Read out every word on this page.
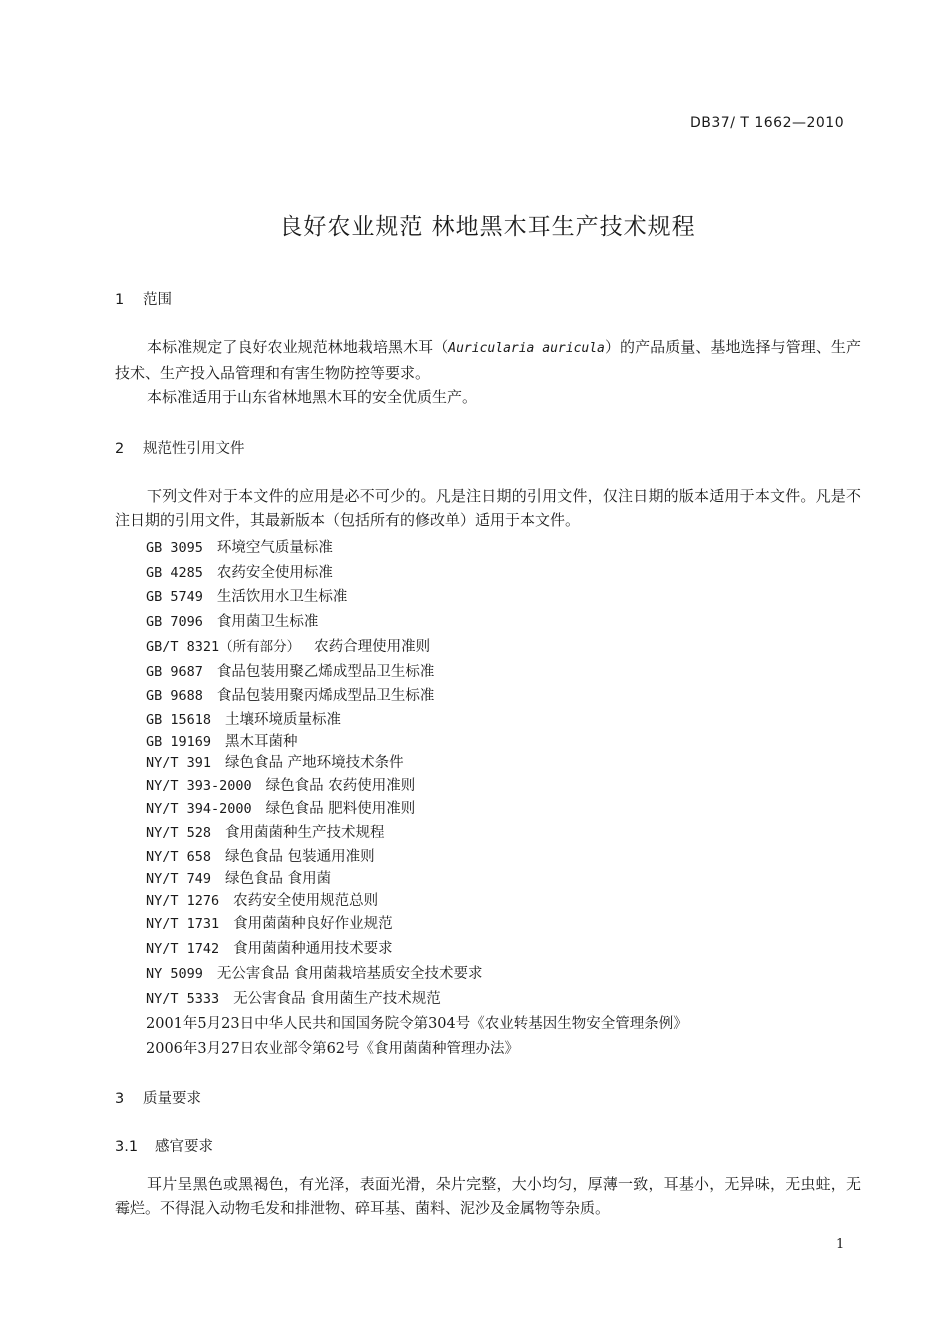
DB37/ T 1662—2010
良好农业规范 林地黑木耳生产技术规程
1 范围
本标准规定了良好农业规范林地栽培黑木耳（Auricularia auricula）的产品质量、基地选择与管理、生产技术、生产投入品管理和有害生物防控等要求。
本标准适用于山东省林地黑木耳的安全优质生产。
2 规范性引用文件
下列文件对于本文件的应用是必不可少的。凡是注日期的引用文件，仅注日期的版本适用于本文件。凡是不注日期的引用文件，其最新版本（包括所有的修改单）适用于本文件。
GB 3095 环境空气质量标准
GB 4285 农药安全使用标准
GB 5749 生活饮用水卫生标准
GB 7096 食用菌卫生标准
GB/T 8321（所有部分） 农药合理使用准则
GB 9687 食品包装用聚乙烯成型品卫生标准
GB 9688 食品包装用聚丙烯成型品卫生标准
GB 15618 土壤环境质量标准
GB 19169 黑木耳菌种
NY/T 391 绿色食品 产地环境技术条件
NY/T 393-2000 绿色食品 农药使用准则
NY/T 394-2000 绿色食品 肥料使用准则
NY/T 528 食用菌菌种生产技术规程
NY/T 658 绿色食品 包装通用准则
NY/T 749 绿色食品 食用菌
NY/T 1276 农药安全使用规范总则
NY/T 1731 食用菌菌种良好作业规范
NY/T 1742 食用菌菌种通用技术要求
NY 5099 无公害食品 食用菌栽培基质安全技术要求
NY/T 5333 无公害食品 食用菌生产技术规范
2001年5月23日中华人民共和国国务院令第304号《农业转基因生物安全管理条例》
2006年3月27日农业部令第62号《食用菌菌种管理办法》
3 质量要求
3.1 感官要求
耳片呈黑色或黑褐色，有光泽，表面光滑，朵片完整，大小均匀，厚薄一致，耳基小，无异味，无虫蛀，无霉烂。不得混入动物毛发和排泄物、碎耳基、菌料、泥沙及金属物等杂质。
1
